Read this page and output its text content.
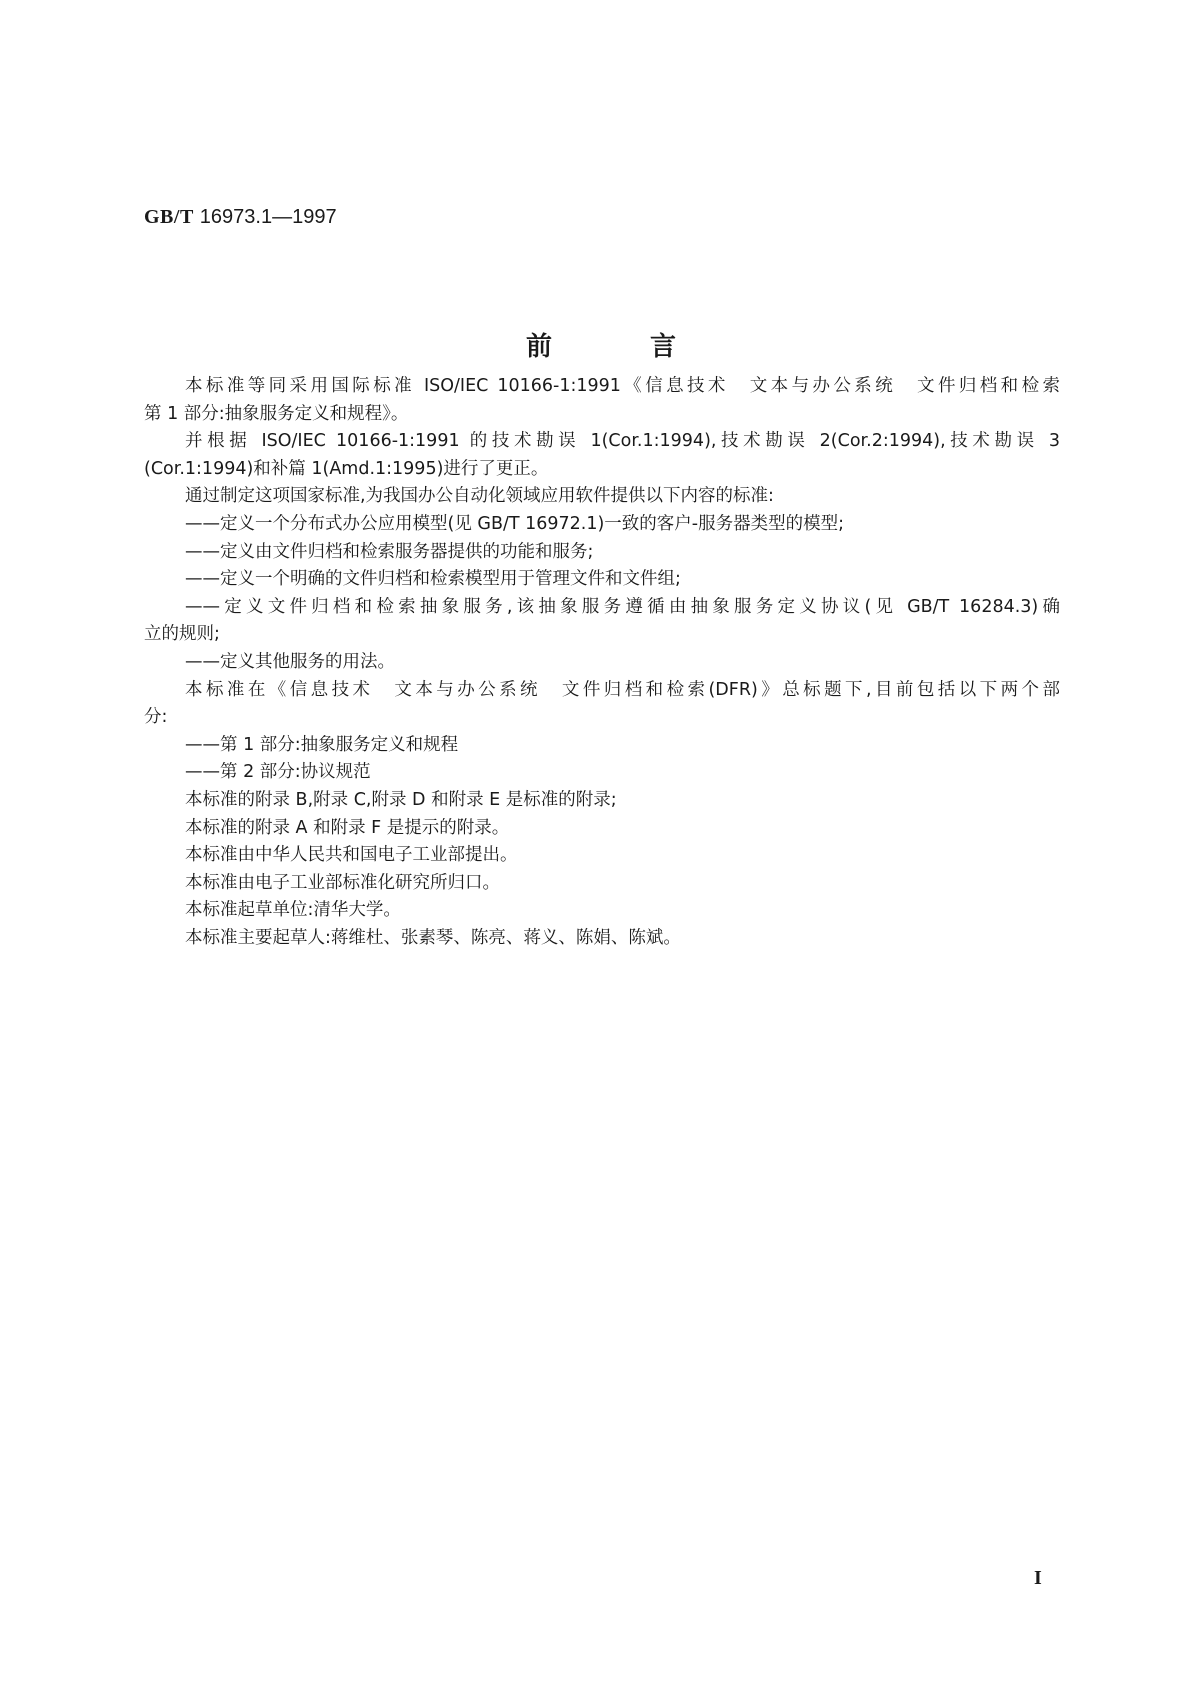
GB/T 16973.1—1997
前	言
本标准等同采用国际标准 ISO/IEC 10166-1:1991《信息技术　文本与办公系统　文件归档和检索
第 1 部分:抽象服务定义和规程》。
并根据 ISO/IEC 10166-1:1991 的技术勘误 1(Cor.1:1994),技术勘误 2(Cor.2:1994),技术勘误 3
(Cor.1:1994)和补篇 1(Amd.1:1995)进行了更正。
通过制定这项国家标准,为我国办公自动化领域应用软件提供以下内容的标准:
——定义一个分布式办公应用模型(见 GB/T 16972.1)一致的客户-服务器类型的模型;
——定义由文件归档和检索服务器提供的功能和服务;
——定义一个明确的文件归档和检索模型用于管理文件和文件组;
——定义文件归档和检索抽象服务,该抽象服务遵循由抽象服务定义协议(见 GB/T 16284.3)确
立的规则;
——定义其他服务的用法。
本标准在《信息技术　文本与办公系统　文件归档和检索(DFR)》总标题下,目前包括以下两个部
分:
——第 1 部分:抽象服务定义和规程
——第 2 部分:协议规范
本标准的附录 B,附录 C,附录 D 和附录 E 是标准的附录;
本标准的附录 A 和附录 F 是提示的附录。
本标准由中华人民共和国电子工业部提出。
本标准由电子工业部标准化研究所归口。
本标准起草单位:清华大学。
本标准主要起草人:蒋维杜、张素琴、陈亮、蒋义、陈娟、陈斌。
I
